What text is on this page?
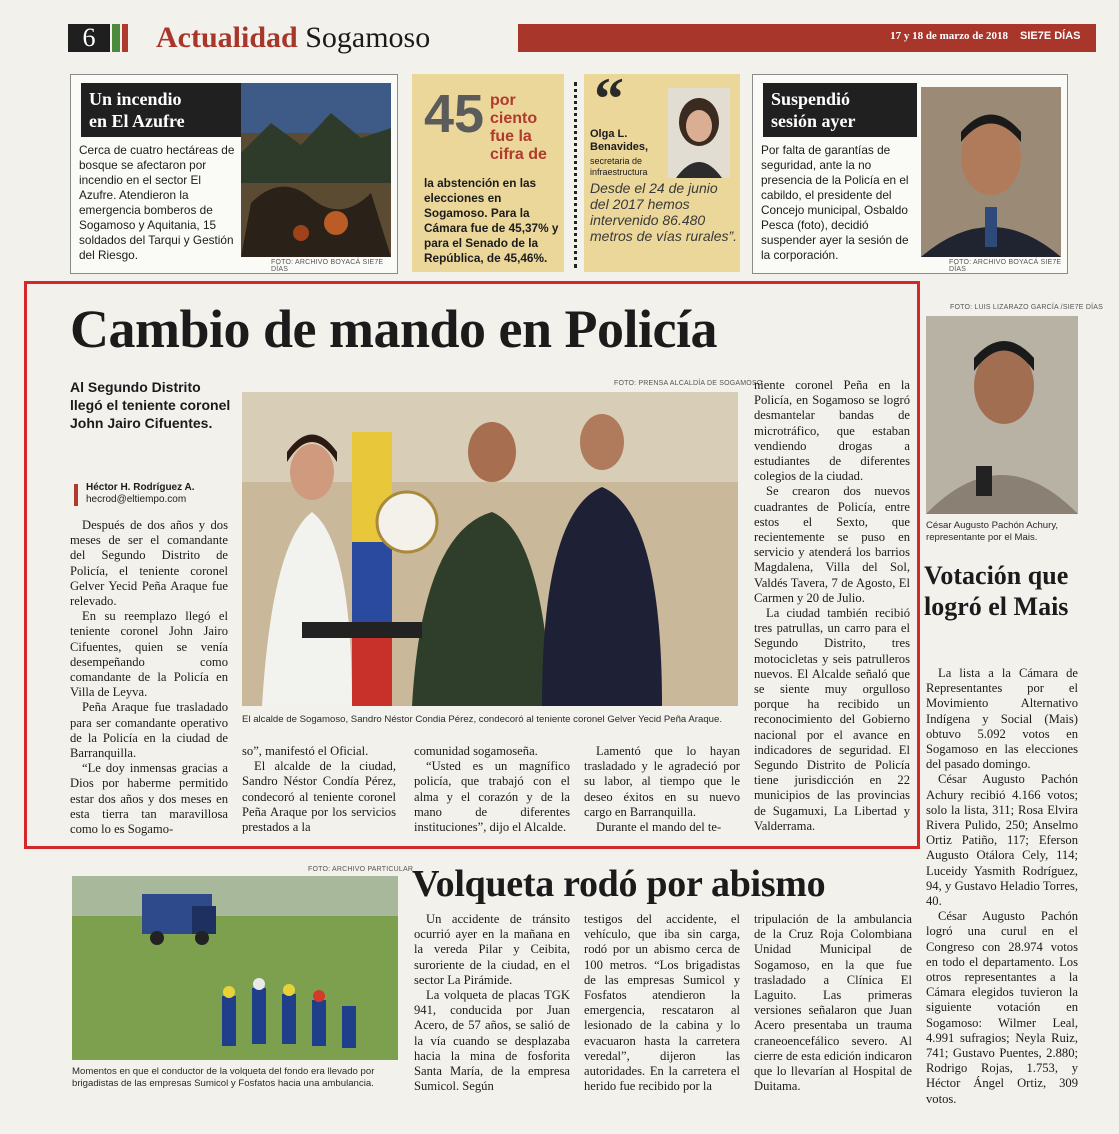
6	Actualidad Sogamoso	17 y 18 de marzo de 2018 SIE7E DÍAS
Un incendio
en El Azufre
Cerca de cuatro hectáreas de bosque se afectaron por incendio en el sector El Azufre. Atendieron la emergencia bomberos de Sogamoso y Aquitania, 15 soldados del Tarqui y Gestión del Riesgo.
FOTO: ARCHIVO BOYACÁ SIE7E DÍAS
45 por ciento fue la cifra de
la abstención en las elecciones en Sogamoso. Para la Cámara fue de 45,37% y para el Senado de la República, de 45,46%.
“
Olga L. Benavides,
secretaria de infraestructura
Desde el 24 de junio del 2017 hemos intervenido 86.480 metros de vías rurales”.
Suspendió
sesión ayer
Por falta de garantías de seguridad, ante la no presencia de la Policía en el cabildo, el presidente del Concejo municipal, Osbaldo Pesca (foto), decidió suspender ayer la sesión de la corporación.
FOTO: ARCHIVO BOYACÁ SIE7E DÍAS
Cambio de mando en Policía
Al Segundo Distrito llegó el teniente coronel John Jairo Cifuentes.
Héctor H. Rodríguez A.
hecrod@eltiempo.com

Después de dos años y dos meses de ser el comandante del Segundo Distrito de Policía, el teniente coronel Gelver Yecid Peña Araque fue relevado.

En su reemplazo llegó el teniente coronel John Jairo Cifuentes, quien se venía desempeñando como comandante de la Policía en Villa de Leyva.

Peña Araque fue trasladado para ser comandante operativo de la Policía en la ciudad de Barranquilla.

“Le doy inmensas gracias a Dios por haberme permitido estar dos años y dos meses en esta tierra tan maravillosa como lo es Sogamo-

FOTO: PRENSA ALCALDÍA DE SOGAMOSO
El alcalde de Sogamoso, Sandro Néstor Condia Pérez, condecoró al teniente coronel Gelver Yecid Peña Araque.

so”, manifestó el Oficial.

El alcalde de la ciudad, Sandro Néstor Condía Pérez, condecoró al teniente coronel Peña Araque por los servicios prestados a la

comunidad sogamoseña.

“Usted es un magnífico policía, que trabajó con el alma y el corazón y de la mano de diferentes instituciones”, dijo el Alcalde.

Lamentó que lo hayan trasladado y le agradeció por su labor, al tiempo que le deseo éxitos en su nuevo cargo en Barranquilla.

Durante el mando del te-

niente coronel Peña en la Policía, en Sogamoso se logró desmantelar bandas de microtráfico, que estaban vendiendo drogas a estudiantes de diferentes colegios de la ciudad.

Se crearon dos nuevos cuadrantes de Policía, entre estos el Sexto, que recientemente se puso en servicio y atenderá los barrios Magdalena, Villa del Sol, Valdés Tavera, 7 de Agosto, El Carmen y 20 de Julio.

La ciudad también recibió tres patrullas, un carro para el Segundo Distrito, tres motocicletas y seis patrulleros nuevos. El Alcalde señaló que se siente muy orgulloso porque ha recibido un reconocimiento del Gobierno nacional por el avance en indicadores de seguridad. El Segundo Distrito de Policía tiene jurisdicción en 22 municipios de las provincias de Sugamuxi, La Libertad y Valderrama.

FOTO: LUIS LIZARAZO GARCÍA /SIE7E DÍAS
César Augusto Pachón Achury, representante por el Mais.
Votación que logró el Mais

La lista a la Cámara de Representantes por el Movimiento Alternativo Indígena y Social (Mais) obtuvo 5.092 votos en Sogamoso en las elecciones del pasado domingo.

César Augusto Pachón Achury recibió 4.166 votos; solo la lista, 311; Rosa Elvira Rivera Pulido, 250; Anselmo Ortiz Patiño, 117; Eferson Augusto Otálora Cely, 114; Luceidy Yasmith Rodríguez, 94, y Gustavo Heladio Torres, 40.

César Augusto Pachón logró una curul en el Congreso con 28.974 votos en todo el departamento. Los otros representantes a la Cámara elegidos tuvieron la siguiente votación en Sogamoso: Wilmer Leal, 4.991 sufragios; Neyla Ruiz, 741; Gustavo Puentes, 2.880; Rodrigo Rojas, 1.753, y Héctor Ángel Ortiz, 309 votos.

FOTO: ARCHIVO PARTICULAR
Momentos en que el conductor de la volqueta del fondo era llevado por brigadistas de las empresas Sumicol y Fosfatos hacia una ambulancia.
Volqueta rodó por abismo

Un accidente de tránsito ocurrió ayer en la mañana en la vereda Pilar y Ceibita, suroriente de la ciudad, en el sector La Pirámide.

La volqueta de placas TGK 941, conducida por Juan Acero, de 57 años, se salió de la vía cuando se desplazaba hacia la mina de fosforita Santa María, de la empresa Sumicol. Según

testigos del accidente, el vehículo, que iba sin carga, rodó por un abismo cerca de 100 metros. “Los brigadistas de las empresas Sumicol y Fosfatos atendieron la emergencia, rescataron al lesionado de la cabina y lo evacuaron hasta la carretera veredal”, dijeron las autoridades. En la carretera el herido fue recibido por la

tripulación de la ambulancia de la Cruz Roja Colombiana Unidad Municipal de Sogamoso, en la que fue trasladado a Clínica El Laguito. Las primeras versiones señalaron que Juan Acero presentaba un trauma craneoencefálico severo. Al cierre de esta edición indicaron que lo llevarían al Hospital de Duitama.
